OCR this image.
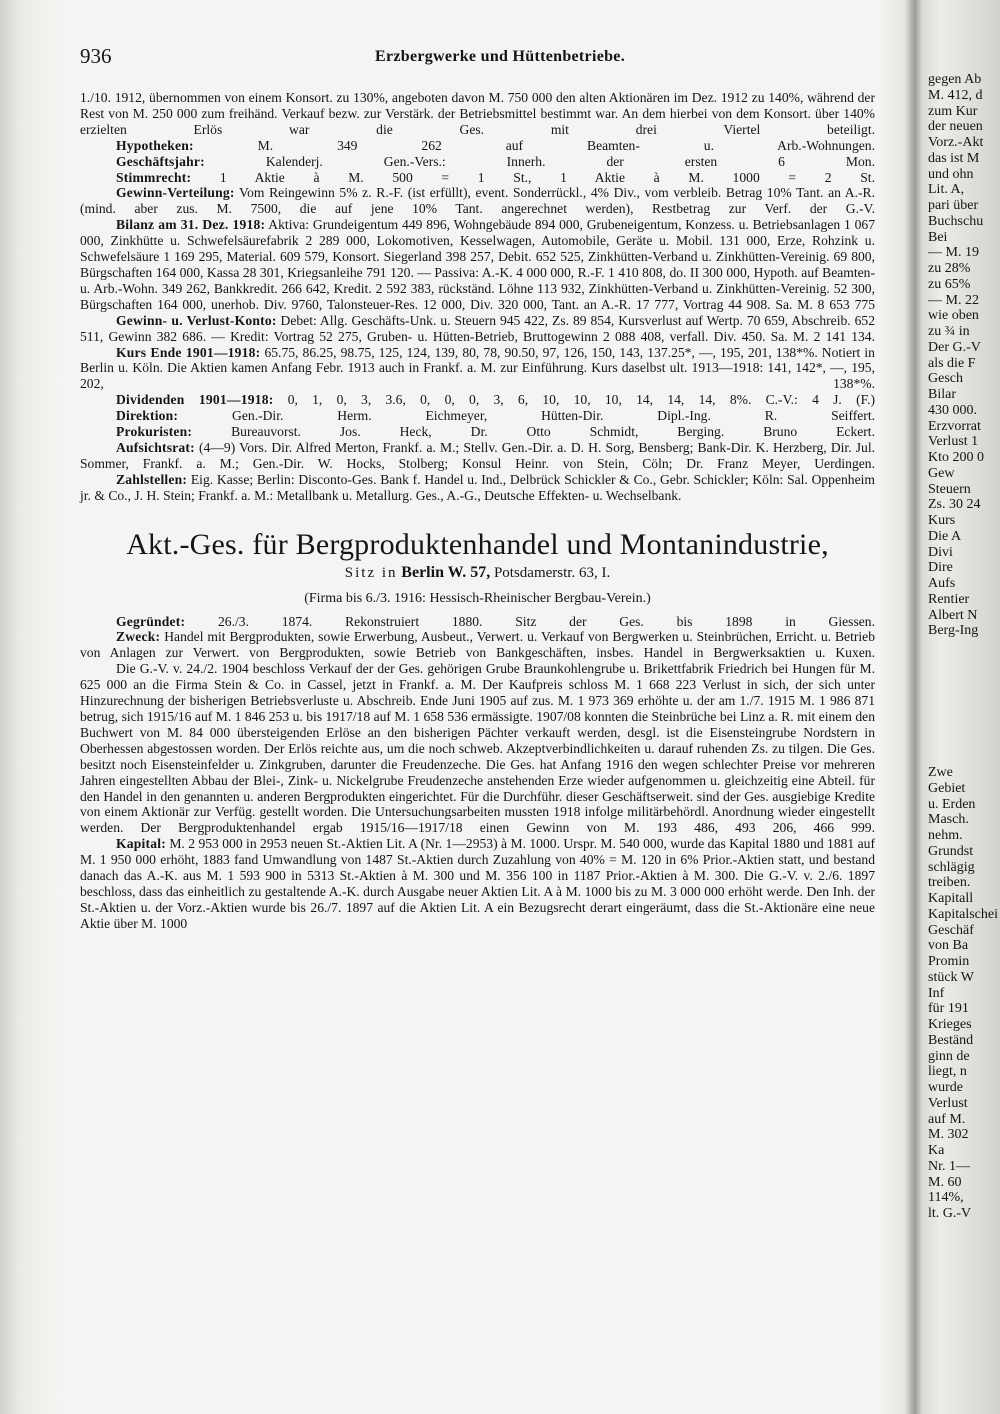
936	Erzbergwerke und Hüttenbetriebe.

1./10. 1912, übernommen von einem Konsort. zu 130%, angeboten davon M. 750 000 den alten Aktionären im Dez. 1912 zu 140%, während der Rest von M. 250 000 zum freihänd. Verkauf bezw. zur Verstärk. der Betriebsmittel bestimmt war. An dem hierbei von dem Konsort. über 140% erzielten Erlös war die Ges. mit drei Viertel beteiligt.

Hypotheken: M. 349 262 auf Beamten- u. Arb.-Wohnungen.

Geschäftsjahr: Kalenderj. Gen.-Vers.: Innerh. der ersten 6 Mon.

Stimmrecht: 1 Aktie à M. 500 = 1 St., 1 Aktie à M. 1000 = 2 St.

Gewinn-Verteilung: Vom Reingewinn 5% z. R.-F. (ist erfüllt), event. Sonderrückl., 4% Div., vom verbleib. Betrag 10% Tant. an A.-R. (mind. aber zus. M. 7500, die auf jene 10% Tant. angerechnet werden), Restbetrag zur Verf. der G.-V.

Bilanz am 31. Dez. 1918: Aktiva: Grundeigentum 449 896, Wohngebäude 894 000, Grubeneigentum, Konzess. u. Betriebsanlagen 1 067 000, Zinkhütte u. Schwefelsäurefabrik 2 289 000, Lokomotiven, Kesselwagen, Automobile, Geräte u. Mobil. 131 000, Erze, Rohzink u. Schwefelsäure 1 169 295, Material. 609 579, Konsort. Siegerland 398 257, Debit. 652 525, Zinkhütten-Verband u. Zinkhütten-Vereinig. 69 800, Bürgschaften 164 000, Kassa 28 301, Kriegsanleihe 791 120. — Passiva: A.-K. 4 000 000, R.-F. 1 410 808, do. II 300 000, Hypoth. auf Beamten- u. Arb.-Wohn. 349 262, Bankkredit. 266 642, Kredit. 2 592 383, rückständ. Löhne 113 932, Zinkhütten-Verband u. Zinkhütten-Vereinig. 52 300, Bürgschaften 164 000, unerhob. Div. 9760, Talonsteuer-Res. 12 000, Div. 320 000, Tant. an A.-R. 17 777, Vortrag 44 908. Sa. M. 8 653 775

Gewinn- u. Verlust-Konto: Debet: Allg. Geschäfts-Unk. u. Steuern 945 422, Zs. 89 854, Kursverlust auf Wertp. 70 659, Abschreib. 652 511, Gewinn 382 686. — Kredit: Vortrag 52 275, Gruben- u. Hütten-Betrieb, Bruttogewinn 2 088 408, verfall. Div. 450. Sa. M. 2 141 134.

Kurs Ende 1901—1918: 65.75, 86.25, 98.75, 125, 124, 139, 80, 78, 90.50, 97, 126, 150, 143, 137.25*, —, 195, 201, 138*%. Notiert in Berlin u. Köln. Die Aktien kamen Anfang Febr. 1913 auch in Frankf. a. M. zur Einführung. Kurs daselbst ult. 1913—1918: 141, 142*, —, 195, 202, 138*%.

Dividenden 1901—1918: 0, 1, 0, 3, 3.6, 0, 0, 0, 3, 6, 10, 10, 10, 14, 14, 14, 8%. C.-V.: 4 J. (F.)

Direktion: Gen.-Dir. Herm. Eichmeyer, Hütten-Dir. Dipl.-Ing. R. Seiffert.

Prokuristen: Bureauvorst. Jos. Heck, Dr. Otto Schmidt, Berging. Bruno Eckert.

Aufsichtsrat: (4—9) Vors. Dir. Alfred Merton, Frankf. a. M.; Stellv. Gen.-Dir. a. D. H. Sorg, Bensberg; Bank-Dir. K. Herzberg, Dir. Jul. Sommer, Frankf. a. M.; Gen.-Dir. W. Hocks, Stolberg; Konsul Heinr. von Stein, Cöln; Dr. Franz Meyer, Uerdingen.

Zahlstellen: Eig. Kasse; Berlin: Disconto-Ges. Bank f. Handel u. Ind., Delbrück Schickler & Co., Gebr. Schickler; Köln: Sal. Oppenheim jr. & Co., J. H. Stein; Frankf. a. M.: Metallbank u. Metallurg. Ges., A.-G., Deutsche Effekten- u. Wechselbank.

Akt.-Ges. für Bergproduktenhandel und Montanindustrie,
Sitz in Berlin W. 57, Potsdamerstr. 63, I.
(Firma bis 6./3. 1916: Hessisch-Rheinischer Bergbau-Verein.)

Gegründet: 26./3. 1874. Rekonstruiert 1880. Sitz der Ges. bis 1898 in Giessen.

Zweck: Handel mit Bergprodukten, sowie Erwerbung, Ausbeut., Verwert. u. Verkauf von Bergwerken u. Steinbrüchen, Erricht. u. Betrieb von Anlagen zur Verwert. von Bergprodukten, sowie Betrieb von Bankgeschäften, insbes. Handel in Bergwerksaktien u. Kuxen.

Die G.-V. v. 24./2. 1904 beschloss Verkauf der der Ges. gehörigen Grube Braunkohlengrube u. Brikettfabrik Friedrich bei Hungen für M. 625 000 an die Firma Stein & Co. in Cassel, jetzt in Frankf. a. M. Der Kaufpreis schloss M. 1 668 223 Verlust in sich, der sich unter Hinzurechnung der bisherigen Betriebsverluste u. Abschreib. Ende Juni 1905 auf zus. M. 1 973 369 erhöhte u. der am 1./7. 1915 M. 1 986 871 betrug, sich 1915/16 auf M. 1 846 253 u. bis 1917/18 auf M. 1 658 536 ermässigte. 1907/08 konnten die Steinbrüche bei Linz a. R. mit einem den Buchwert von M. 84 000 übersteigenden Erlöse an den bisherigen Pächter verkauft werden, desgl. ist die Eisensteingrube Nordstern in Oberhessen abgestossen worden. Der Erlös reichte aus, um die noch schweb. Akzeptverbindlichkeiten u. darauf ruhenden Zs. zu tilgen. Die Ges. besitzt noch Eisensteinfelder u. Zinkgruben, darunter die Freudenzeche. Die Ges. hat Anfang 1916 den wegen schlechter Preise vor mehreren Jahren eingestellten Abbau der Blei-, Zink- u. Nickelgrube Freudenzeche anstehenden Erze wieder aufgenommen u. gleichzeitig eine Abteil. für den Handel in den genannten u. anderen Bergprodukten eingerichtet. Für die Durchführ. dieser Geschäftserweit. sind der Ges. ausgiebige Kredite von einem Aktionär zur Verfüg. gestellt worden. Die Untersuchungsarbeiten mussten 1918 infolge militärbehördl. Anordnung wieder eingestellt werden. Der Bergproduktenhandel ergab 1915/16—1917/18 einen Gewinn von M. 193 486, 493 206, 466 999.

Kapital: M. 2 953 000 in 2953 neuen St.-Aktien Lit. A (Nr. 1—2953) à M. 1000. Urspr. M. 540 000, wurde das Kapital 1880 und 1881 auf M. 1 950 000 erhöht, 1883 fand Umwandlung von 1487 St.-Aktien durch Zuzahlung von 40% = M. 120 in 6% Prior.-Aktien statt, und bestand danach das A.-K. aus M. 1 593 900 in 5313 St.-Aktien à M. 300 und M. 356 100 in 1187 Prior.-Aktien à M. 300. Die G.-V. v. 2./6. 1897 beschloss, dass das einheitlich zu gestaltende A.-K. durch Ausgabe neuer Aktien Lit. A à M. 1000 bis zu M. 3 000 000 erhöht werde. Den Inh. der St.-Aktien u. der Vorz.-Aktien wurde bis 26./7. 1897 auf die Aktien Lit. A ein Bezugsrecht derart eingeräumt, dass die St.-Aktionäre eine neue Aktie über M. 1000

gegen Ab
M. 412, d
zum Kur
der neuen
Vorz.-Akt
das ist M
und ohn
Lit. A,
pari über
Buchschu
Bei
— M. 19
zu 28%
zu 65%
— M. 22
wie oben
zu ¾ in
Der G.-V
als die F
Gesch
Bilar
430 000.
Erzvorrat
Verlust 1
Kto 200 0
Gew
Steuern
Zs. 30 24
Kurs
Die A
Divi
Dire
Aufs
Rentier
Albert N
Berg-Ing
Zwe
Gebiet
u. Erden
Masch.
nehm.
Grundst
schlägig
treiben.
Kapitall
Kapitalschei
Geschäf
von Ba
Promin
stück W
Inf
für 191
Krieges
Beständ
ginn de
liegt, n
wurde
Verlust
auf M.
M. 302
Ka
Nr. 1—
M. 60
114%,
lt. G.-V
